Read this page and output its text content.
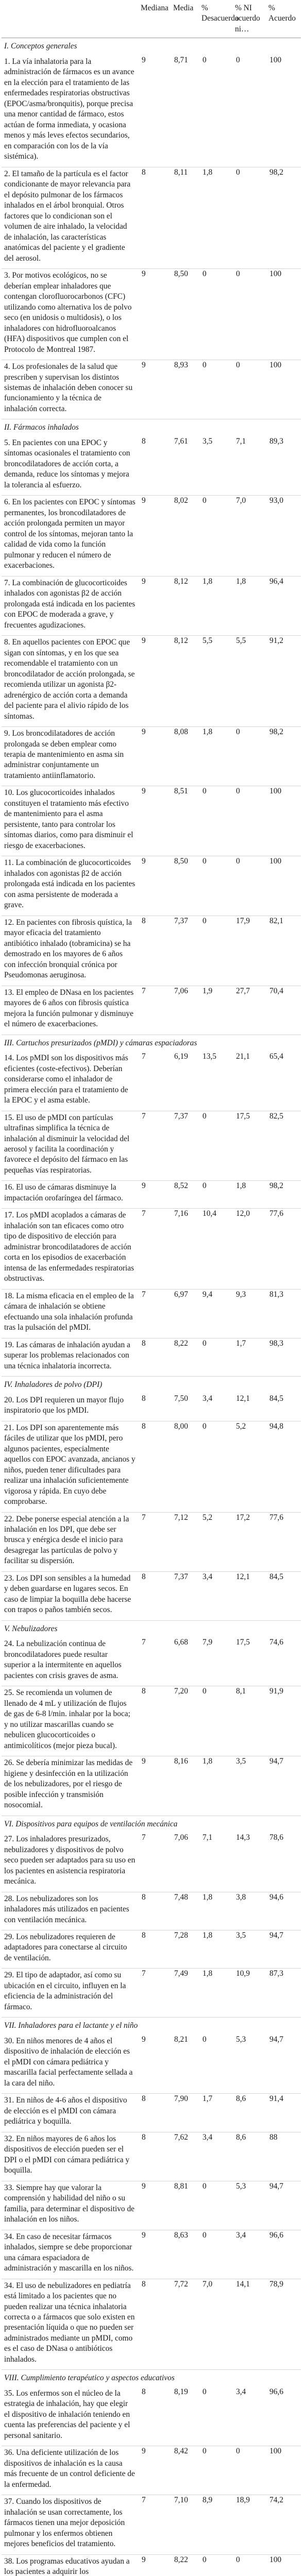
	Mediana	Media	% Desacuerdo	% NI acuerdo ni…	% Acuerdo
I. Conceptos generales					
1. La vía inhalatoria para la administración de fármacos es un avance en la elección para el tratamiento de las enfermedades respiratorias obstructivas (EPOC/asma/bronquitis), porque precisa una menor cantidad de fármaco, estos actúan de forma inmediata, y ocasiona menos y más leves efectos secundarios, en comparación con los de la vía sistémica).	9	8,71	0	0	100
2. El tamaño de la partícula es el factor condicionante de mayor relevancia para el depósito pulmonar de los fármacos inhalados en el árbol bronquial. Otros factores que lo condicionan son el volumen de aire inhalado, la velocidad de inhalación, las características anatómicas del paciente y el gradiente del aerosol.	8	8,11	1,8	0	98,2
3. Por motivos ecológicos, no se deberían emplear inhaladores que contengan clorofluorocarbonos (CFC) utilizando como alternativa los de polvo seco (en unidosis o multidosis), o los inhaladores con hidrofluoroalcanos (HFA) dispositivos que cumplen con el Protocolo de Montreal 1987.	9	8,50	0	0	100
4. Los profesionales de la salud que prescriben y supervisan los distintos sistemas de inhalación deben conocer su funcionamiento y la técnica de inhalación correcta.	9	8,93	0	0	100
II. Fármacos inhalados					
5. En pacientes con una EPOC y síntomas ocasionales el tratamiento con broncodilatadores de acción corta, a demanda, reduce los síntomas y mejora la tolerancia al esfuerzo.	8	7,61	3,5	7,1	89,3
6. En los pacientes con EPOC y síntomas permanentes, los broncodilatadores de acción prolongada permiten un mayor control de los síntomas, mejoran tanto la calidad de vida como la función pulmonar y reducen el número de exacerbaciones.	9	8,02	0	7,0	93,0
7. La combinación de glucocorticoides inhalados con agonistas β2 de acción prolongada está indicada en los pacientes con EPOC de moderada a grave, y frecuentes agudizaciones.	9	8,12	1,8	1,8	96,4
8. En aquellos pacientes con EPOC que sigan con síntomas, y en los que sea recomendable el tratamiento con un broncodilatador de acción prolongada, se recomienda utilizar un agonista β2-adrenérgico de acción corta a demanda del paciente para el alivio rápido de los síntomas.	9	8,12	5,5	5,5	91,2
9. Los broncodilatadores de acción prolongada se deben emplear como terapia de mantenimiento en asma sin administrar conjuntamente un tratamiento antiinflamatorio.	9	8,08	1,8	0	98,2
10. Los glucocorticoides inhalados constituyen el tratamiento más efectivo de mantenimiento para el asma persistente, tanto para controlar los síntomas diarios, como para disminuir el riesgo de exacerbaciones.	9	8,51	0	0	100
11. La combinación de glucocorticoides inhalados con agonistas β2 de acción prolongada está indicada en los pacientes con asma persistente de moderada a grave.	9	8,50	0	0	100
12. En pacientes con fibrosis quística, la mayor eficacia del tratamiento antibiótico inhalado (tobramicina) se ha demostrado en los mayores de 6 años con infección bronquial crónica por Pseudomonas aeruginosa.	8	7,37	0	17,9	82,1
13. El empleo de DNasa en los pacientes mayores de 6 años con fibrosis quística mejora la función pulmonar y disminuye el número de exacerbaciones.	7	7,06	1,9	27,7	70,4
III. Cartuchos presurizados (pMDI) y cámaras espaciadoras					
14. Los pMDI son los dispositivos más eficientes (coste-efectivos). Deberían considerarse como el inhalador de primera elección para el tratamiento de la EPOC y el asma estable.	7	6,19	13,5	21,1	65,4
15. El uso de pMDI con partículas ultrafinas simplifica la técnica de inhalación al disminuir la velocidad del aerosol y facilita la coordinación y favorece el depósito del fármaco en las pequeñas vías respiratorias.	7	7,37	0	17,5	82,5
16. El uso de cámaras disminuye la impactación orofaríngea del fármaco.	9	8,52	0	1,8	98,2
17. Los pMDI acoplados a cámaras de inhalación son tan eficaces como otro tipo de dispositivo de elección para administrar broncodilatadores de acción corta en los episodios de exacerbación intensa de las enfermedades respiratorias obstructivas.	7	7,16	10,4	12,0	77,6
18. La misma eficacia en el empleo de la cámara de inhalación se obtiene efectuando una sola inhalación profunda tras la pulsación del pMDI.	7	6,97	9,4	9,3	81,3
19. Las cámaras de inhalación ayudan a superar los problemas relacionados con una técnica inhalatoria incorrecta.	8	8,22	0	1,7	98,3
IV. Inhaladores de polvo (DPI)					
20. Los DPI requieren un mayor flujo inspiratorio que los pMDI.	8	7,50	3,4	12,1	84,5
21. Los DPI son aparentemente más fáciles de utilizar que los pMDI, pero algunos pacientes, especialmente aquellos con EPOC avanzada, ancianos y niños, pueden tener dificultades para realizar una inhalación suficientemente vigorosa y rápida. En cuyo debe comprobarse.	8	8,00	0	5,2	94,8
22. Debe ponerse especial atención a la inhalación en los DPI, que debe ser brusca y enérgica desde el inicio para desagregar las partículas de polvo y facilitar su dispersión.	7	7,12	5,2	17,2	77,6
23. Los DPI son sensibles a la humedad y deben guardarse en lugares secos. En caso de limpiar la boquilla debe hacerse con trapos o paños también secos.	8	7,37	3,4	12,1	84,5
V. Nebulizadores					
24. La nebulización continua de broncodilatadores puede resultar superior a la intermitente en aquellos pacientes con crisis graves de asma.	7	6,68	7,9	17,5	74,6
25. Se recomienda un volumen de llenado de 4 mL y utilización de flujos de gas de 6-8 l/min. inhalar por la boca; y no utilizar mascarillas cuando se nebulicen glucocorticoides o antimicolíticos (mejor pieza bucal).	8	7,20	0	8,1	91,9
26. Se debería minimizar las medidas de higiene y desinfección en la utilización de los nebulizadores, por el riesgo de posible infección y transmisión nosocomial.	9	8,16	1,8	3,5	94,7
VI. Dispositivos para equipos de ventilación mecánica					
27. Los inhaladores presurizados, nebulizadores y dispositivos de polvo seco pueden ser adaptados para su uso en los pacientes en asistencia respiratoria mecánica.	7	7,06	7,1	14,3	78,6
28. Los nebulizadores son los inhaladores más utilizados en pacientes con ventilación mecánica.	8	7,48	1,8	3,8	94,6
29. Los nebulizadores requieren de adaptadores para conectarse al circuito de ventilación.	8	7,28	1,8	3,5	94,7
29. El tipo de adaptador, así como su ubicación en el circuito, influyen en la eficiencia de la administración del fármaco.	7	7,49	1,8	10,9	87,3
VII. Inhaladores para el lactante y el niño					
30. En niños menores de 4 años el dispositivo de inhalación de elección es el pMDI con cámara pediátrica y mascarilla facial perfectamente sellada a la cara del niño.	9	8,21	0	5,3	94,7
31. En niños de 4-6 años el dispositivo de elección es el pMDI con cámara pediátrica y boquilla.	8	7,90	1,7	8,6	91,4
32. En niños mayores de 6 años los dispositivos de elección pueden ser el DPI o el pMDI con cámara pediátrica y boquilla.	8	7,62	3,4	8,6	88
33. Siempre hay que valorar la comprensión y habilidad del niño o su familia, para determinar el dispositivo de inhalación en los niños.	9	8,81	0	5,3	94,7
34. En caso de necesitar fármacos inhalados, siempre se debe proporcionar una cámara espaciadora de administración y mascarilla en los niños.	9	8,63	0	3,4	96,6
34. El uso de nebulizadores en pediatría está limitado a los pacientes que no pueden realizar una técnica inhalatoria correcta o a fármacos que solo existen en presentación líquida o que no pueden ser administrados mediante un pMDI, como es el caso de DNasa o antibióticos inhalados.	8	7,72	7,0	14,1	78,9
VIII. Cumplimiento terapéutico y aspectos educativos					
35. Los enfermos son el núcleo de la estrategia de inhalación, hay que elegir el dispositivo de inhalación teniendo en cuenta las preferencias del paciente y el personal sanitario.	8	8,19	0	3,4	96,6
36. Una deficiente utilización de los dispositivos de inhalación es la causa más frecuente de un control deficiente de la enfermedad.	9	8,42	0	0	100
37. Cuando los dispositivos de inhalación se usan correctamente, los fármacos tienen una mejor deposición pulmonar y los enfermos obtienen mejores beneficios del tratamiento.	7	7,10	8,9	18,9	74,2
38. Los programas educativos ayudan a los pacientes a adquirir los	9	8,22	0	0	100
